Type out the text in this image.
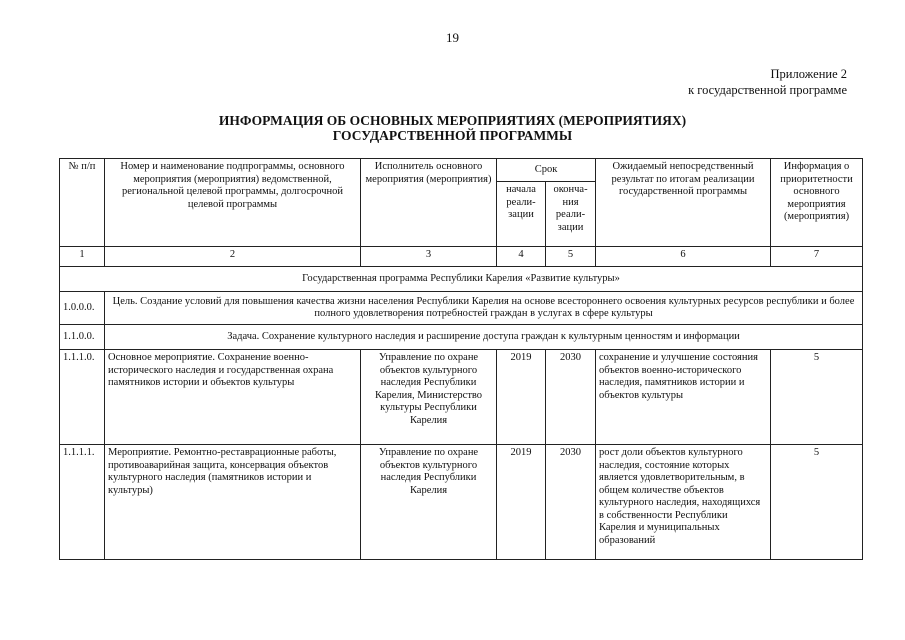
19
Приложение 2
к государственной программе
ИНФОРМАЦИЯ ОБ ОСНОВНЫХ МЕРОПРИЯТИЯХ (МЕРОПРИЯТИЯХ)
ГОСУДАРСТВЕННОЙ ПРОГРАММЫ
№ п/п	Номер и наименование подпрограммы, основного мероприятия (мероприятия) ведомственной, региональной целевой программы, долгосрочной целевой программы	Исполнитель основного мероприятия (мероприятия)	Срок		Ожидаемый непосредственный результат по итогам реализации государственной программы	Информация о приоритетности основного мероприятия (мероприятия)
			начала реали-зации	оконча-ния реали-зации		
1	2	3	4	5	6	7
Государственная программа Республики Карелия «Развитие культуры»						
1.0.0.0.	Цель. Создание условий для повышения качества жизни населения Республики Карелия на основе всестороннего освоения культурных ресурсов республики и более полного удовлетворения потребностей граждан в услугах в сфере культуры					
1.1.0.0.	Задача. Сохранение культурного наследия и расширение доступа граждан к культурным ценностям и информации					
1.1.1.0.	Основное мероприятие. Сохранение военно-исторического наследия и государственная охрана памятников истории и объектов культуры	Управление по охране объектов культурного наследия Республики Карелия, Министерство культуры Республики Карелия	2019	2030	сохранение и улучшение состояния объектов военно-исторического наследия, памятников истории и объектов культуры	5
1.1.1.1.	Мероприятие. Ремонтно-реставрационные работы, противоаварийная защита, консервация объектов культурного наследия (памятников истории и культуры)	Управление по охране объектов культурного наследия Республики Карелия	2019	2030	рост доли объектов культурного наследия, состояние которых является удовлетворительным, в общем количестве объектов культурного наследия, находящихся в собственности Республики Карелия и муниципальных образований	5
